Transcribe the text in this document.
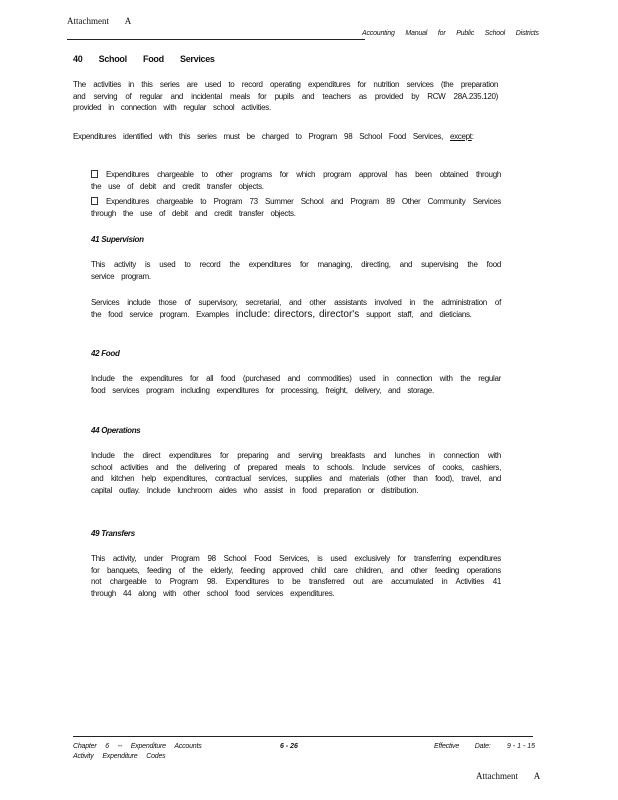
Attachment A
Accounting Manual for Public School Districts
40 School Food Services
The activities in this series are used to record operating expenditures for nutrition services (the preparation and serving of regular and incidental meals for pupils and teachers as provided by RCW 28A.235.120) provided in connection with regular school activities.
Expenditures identified with this series must be charged to Program 98 School Food Services, except:
Expenditures chargeable to other programs for which program approval has been obtained through the use of debit and credit transfer objects.
Expenditures chargeable to Program 73 Summer School and Program 89 Other Community Services through the use of debit and credit transfer objects.
41 Supervision
This activity is used to record the expenditures for managing, directing, and supervising the food service program.
Services include those of supervisory, secretarial, and other assistants involved in the administration of the food service program. Examples include: directors, director's support staff, and dieticians.
42 Food
Include the expenditures for all food (purchased and commodities) used in connection with the regular food services program including expenditures for processing, freight, delivery, and storage.
44 Operations
Include the direct expenditures for preparing and serving breakfasts and lunches in connection with school activities and the delivering of prepared meals to schools. Include services of cooks, cashiers, and kitchen help expenditures, contractual services, supplies and materials (other than food), travel, and capital outlay. Include lunchroom aides who assist in food preparation or distribution.
49 Transfers
This activity, under Program 98 School Food Services, is used exclusively for transferring expenditures for banquets, feeding of the elderly, feeding approved child care children, and other feeding operations not chargeable to Program 98. Expenditures to be transferred out are accumulated in Activities 41 through 44 along with other school food services expenditures.
Chapter 6 -- Expenditure Accounts
Activity Expenditure Codes
6 - 26	Effective Date: 9 - 1 - 15
Attachment A
